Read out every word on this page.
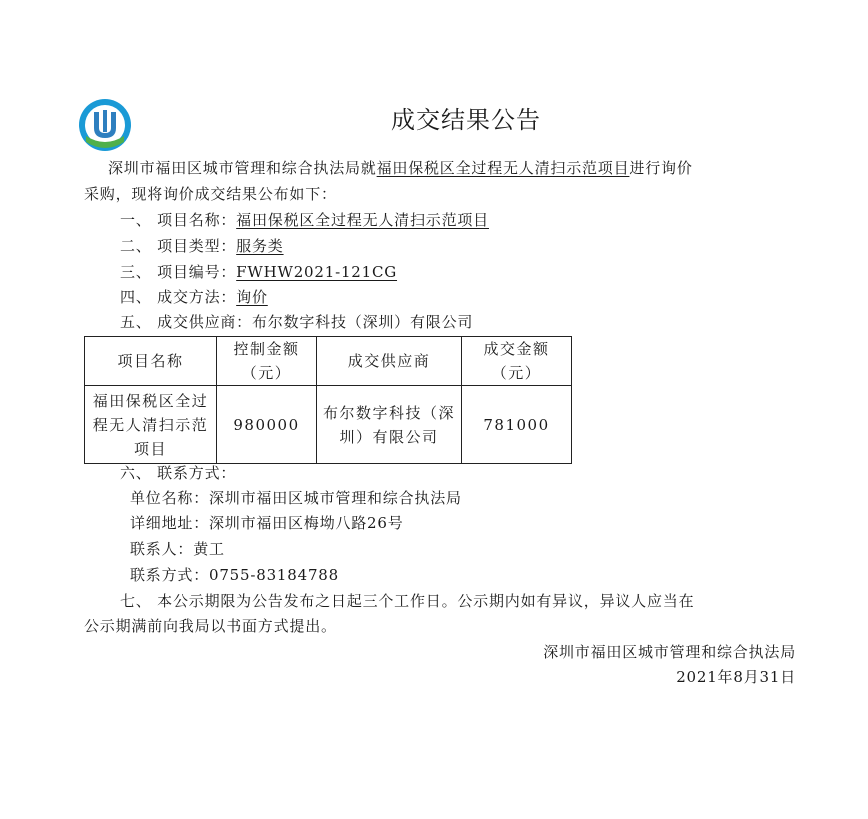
成交结果公告
深圳市福田区城市管理和综合执法局就福田保税区全过程无人清扫示范项目进行询价
采购，现将询价成交结果公布如下：
一、 项目名称：福田保税区全过程无人清扫示范项目
二、 项目类型：服务类
三、 项目编号：FWHW2021-121CG
四、 成交方法：询价
五、 成交供应商：布尔数字科技（深圳）有限公司
项目名称	控制金额（元）	成交供应商	成交金额（元）
福田保税区全过程无人清扫示范项目	980000	布尔数字科技（深圳）有限公司	781000
六、 联系方式：
单位名称：深圳市福田区城市管理和综合执法局
详细地址：深圳市福田区梅坳八路26号
联系人：黄工
联系方式：0755-83184788
七、 本公示期限为公告发布之日起三个工作日。公示期内如有异议，异议人应当在
公示期满前向我局以书面方式提出。
深圳市福田区城市管理和综合执法局
2021年8月31日
